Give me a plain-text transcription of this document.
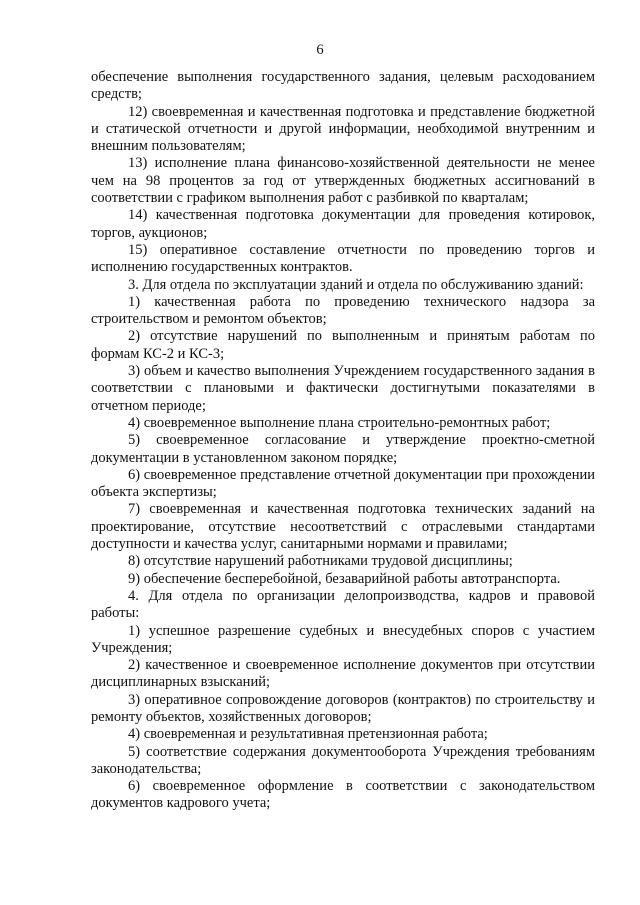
6

обеспечение выполнения государственного задания, целевым расходованием средств;

12) своевременная и качественная подготовка и представление бюджетной и статической отчетности и другой информации, необходимой внутренним и внешним пользователям;

13) исполнение плана финансово-хозяйственной деятельности не менее чем на 98 процентов за год от утвержденных бюджетных ассигнований в соответствии с графиком выполнения работ с разбивкой по кварталам;

14) качественная подготовка документации для проведения котировок, торгов, аукционов;

15) оперативное составление отчетности по проведению торгов и исполнению государственных контрактов.

3. Для отдела по эксплуатации зданий и отдела по обслуживанию зданий:

1) качественная работа по проведению технического надзора за строительством и ремонтом объектов;

2) отсутствие нарушений по выполненным и принятым работам по формам КС-2 и КС-3;

3) объем и качество выполнения Учреждением государственного задания в соответствии с плановыми и фактически достигнутыми показателями в отчетном периоде;

4) своевременное выполнение плана строительно-ремонтных работ;

5) своевременное согласование и утверждение проектно-сметной документации в установленном законом порядке;

6) своевременное представление отчетной документации при прохождении объекта экспертизы;

7) своевременная и качественная подготовка технических заданий на проектирование, отсутствие несоответствий с отраслевыми стандартами доступности и качества услуг, санитарными нормами и правилами;

8) отсутствие нарушений работниками трудовой дисциплины;

9) обеспечение бесперебойной, безаварийной работы автотранспорта.

4. Для отдела по организации делопроизводства, кадров и правовой работы:

1) успешное разрешение судебных и внесудебных споров с участием Учреждения;

2) качественное и своевременное исполнение документов при отсутствии дисциплинарных взысканий;

3) оперативное сопровождение договоров (контрактов) по строительству и ремонту объектов, хозяйственных договоров;

4) своевременная и результативная претензионная работа;

5) соответствие содержания документооборота Учреждения требованиям законодательства;

6) своевременное оформление в соответствии с законодательством документов кадрового учета;
